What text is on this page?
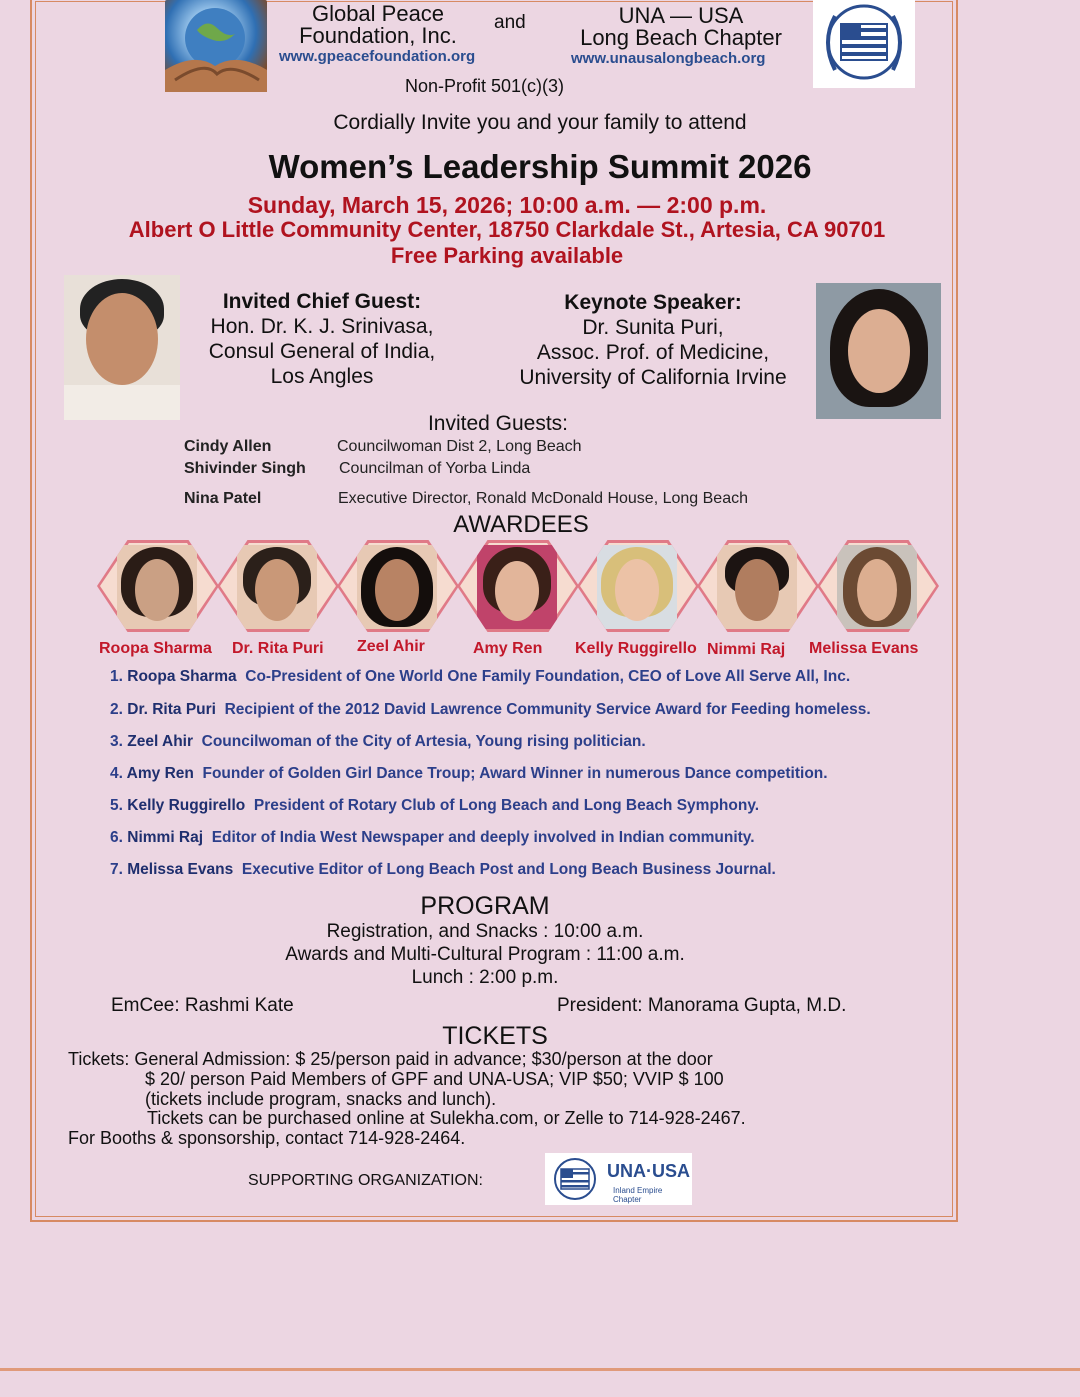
Global Peace
Foundation, Inc.
www.gpeacefoundation.org
and	UNA — USA
Long Beach Chapter
www.unausalongbeach.org
Non-Profit 501(c)(3)
Cordially Invite you and your family to attend
Women’s Leadership Summit 2026
Sunday, March 15, 2026; 10:00 a.m. — 2:00 p.m.
Albert O Little Community Center, 18750 Clarkdale St., Artesia, CA 90701
Free Parking available
Invited Chief Guest:
Hon. Dr. K. J. Srinivasa,
Consul General of India,
Los Angles
Keynote Speaker:
Dr. Sunita Puri,
Assoc. Prof. of Medicine,
University of California Irvine
Invited Guests:
Cindy Allen	Councilwoman Dist 2, Long Beach
Shivinder Singh Councilman of Yorba Linda
Nina Patel	Executive Director, Ronald McDonald House, Long Beach
AWARDEES
Roopa Sharma Dr. Rita Puri Zeel Ahir	Amy Ren Kelly Ruggirello Nimmi Raj Melissa Evans
1. Roopa Sharma Co-President of One World One Family Foundation, CEO of Love All Serve All, Inc.
2. Dr. Rita Puri Recipient of the 2012 David Lawrence Community Service Award for Feeding homeless.
3. Zeel Ahir Councilwoman of the City of Artesia, Young rising politician.
4. Amy Ren Founder of Golden Girl Dance Troup; Award Winner in numerous Dance competition.
5. Kelly Ruggirello President of Rotary Club of Long Beach and Long Beach Symphony.
6. Nimmi Raj Editor of India West Newspaper and deeply involved in Indian community.
7. Melissa Evans Executive Editor of Long Beach Post and Long Beach Business Journal.
PROGRAM
Registration, and Snacks : 10:00 a.m.
Awards and Multi-Cultural Program : 11:00 a.m.
Lunch : 2:00 p.m.
EmCee: Rashmi Kate	President: Manorama Gupta, M.D.
TICKETS
Tickets: General Admission: $ 25/person paid in advance; $30/person at the door
$ 20/ person Paid Members of GPF and UNA-USA; VIP $50; VVIP $ 100
(tickets include program, snacks and lunch).
Tickets can be purchased online at Sulekha.com, or Zelle to 714-928-2467.
For Booths & sponsorship, contact 714-928-2464.
SUPPORTING ORGANIZATION:	UNA·USA
Inland Empire Chapter
